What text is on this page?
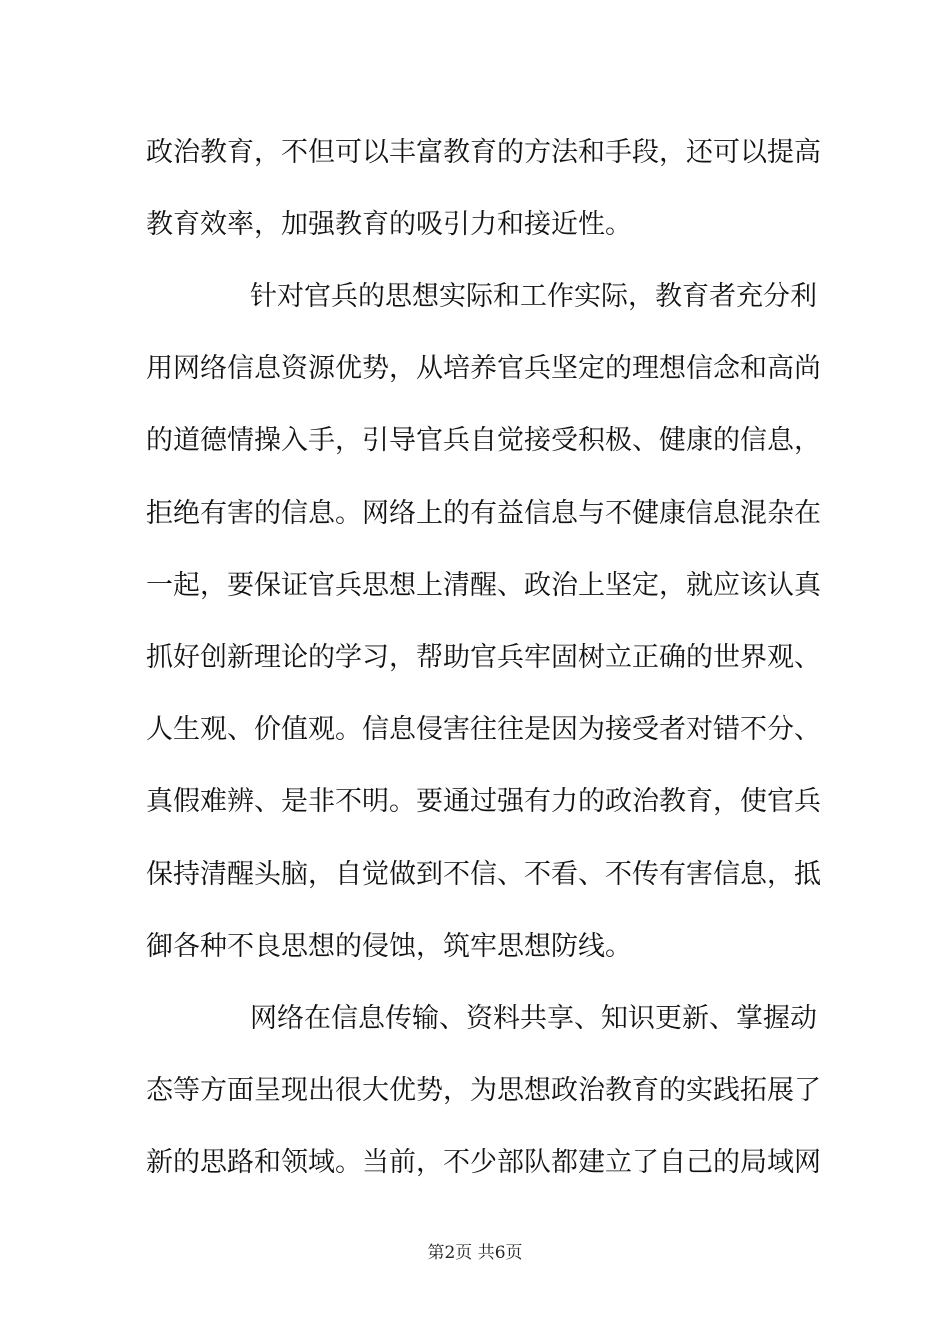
政治教育，不但可以丰富教育的方法和手段，还可以提高
教育效率，加强教育的吸引力和接近性。
针对官兵的思想实际和工作实际，教育者充分利
用网络信息资源优势，从培养官兵坚定的理想信念和高尚
的道德情操入手，引导官兵自觉接受积极、健康的信息，
拒绝有害的信息。网络上的有益信息与不健康信息混杂在
一起，要保证官兵思想上清醒、政治上坚定，就应该认真
抓好创新理论的学习，帮助官兵牢固树立正确的世界观、
人生观、价值观。信息侵害往往是因为接受者对错不分、
真假难辨、是非不明。要通过强有力的政治教育，使官兵
保持清醒头脑，自觉做到不信、不看、不传有害信息，抵
御各种不良思想的侵蚀，筑牢思想防线。
网络在信息传输、资料共享、知识更新、掌握动
态等方面呈现出很大优势，为思想政治教育的实践拓展了
新的思路和领域。当前，不少部队都建立了自己的局域网
第2页 共6页
